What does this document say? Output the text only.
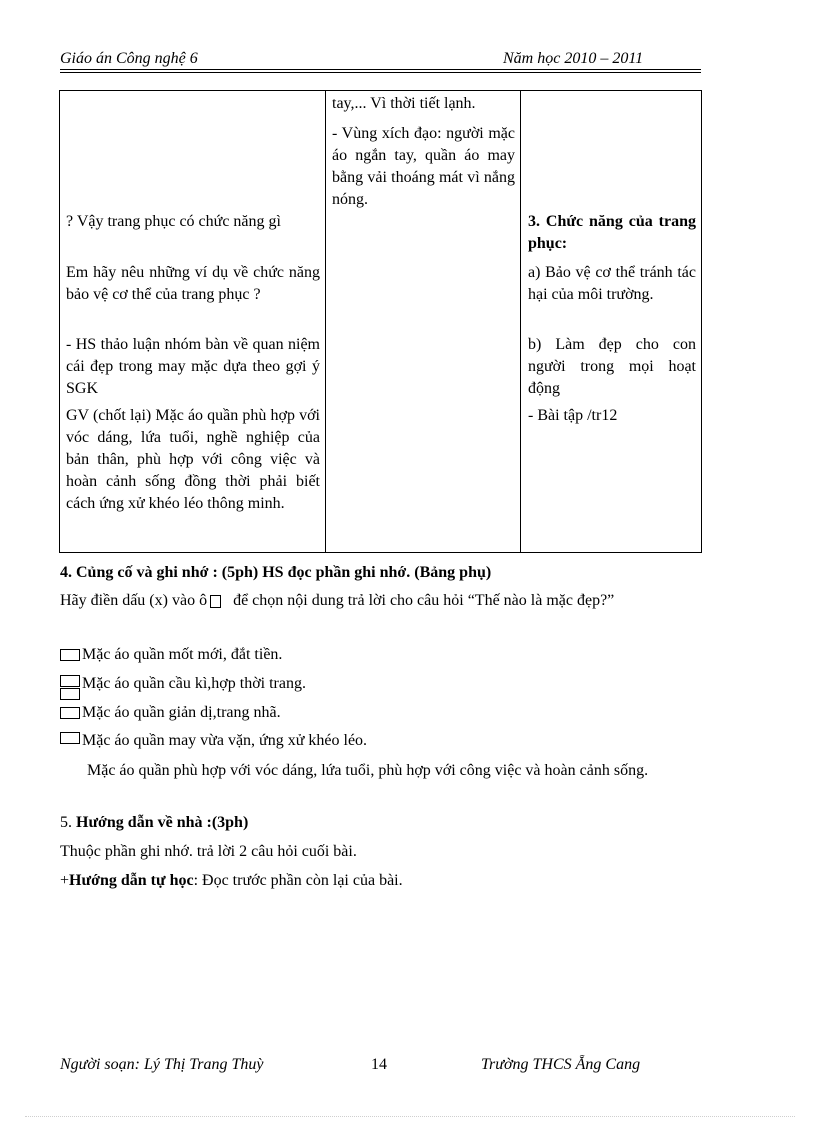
Giáo án Công nghệ 6	Năm học 2010 – 2011
? Vậy trang phục có chức năng gì
Em hãy nêu những ví dụ về chức năng bảo vệ cơ thể của trang phục ?
- HS thảo luận nhóm bàn về quan niệm cái đẹp trong may mặc dựa theo gợi ý SGK
GV (chốt lại) Mặc áo quần phù hợp với vóc dáng, lứa tuổi, nghề nghiệp của bản thân, phù hợp với công việc và hoàn cảnh sống đồng thời phải biết cách ứng xử khéo léo thông minh.
tay,... Vì thời tiết lạnh.
- Vùng xích đạo: người mặc áo ngắn tay, quần áo may bằng vải thoáng mát vì nắng nóng.
3. Chức năng của trang phục:
a) Bảo vệ cơ thể tránh tác hại của môi trường.
b) Làm đẹp cho con người trong mọi hoạt động
- Bài tập /tr12
4. Củng cố và ghi nhớ : (5ph) HS đọc phần ghi nhớ. (Bảng phụ)
Hãy điền dấu (x) vào ô để chọn nội dung trả lời cho câu hỏi “Thế nào là mặc đẹp?”
Mặc áo quần mốt mới, đắt tiền.
Mặc áo quần cầu kì,hợp thời trang.
Mặc áo quần giản dị,trang nhã.
Mặc áo quần may vừa vặn, ứng xử khéo léo.
Mặc áo quần phù hợp với vóc dáng, lứa tuổi, phù hợp với công việc và hoàn cảnh sống.
5. Hướng dẫn về nhà :(3ph)
Thuộc phần ghi nhớ. trả lời 2 câu hỏi cuối bài.
+Hướng dẫn tự học: Đọc trước phần còn lại của bài.
Người soạn: Lý Thị Trang Thuỳ	14	Trường THCS Ẵng Cang
